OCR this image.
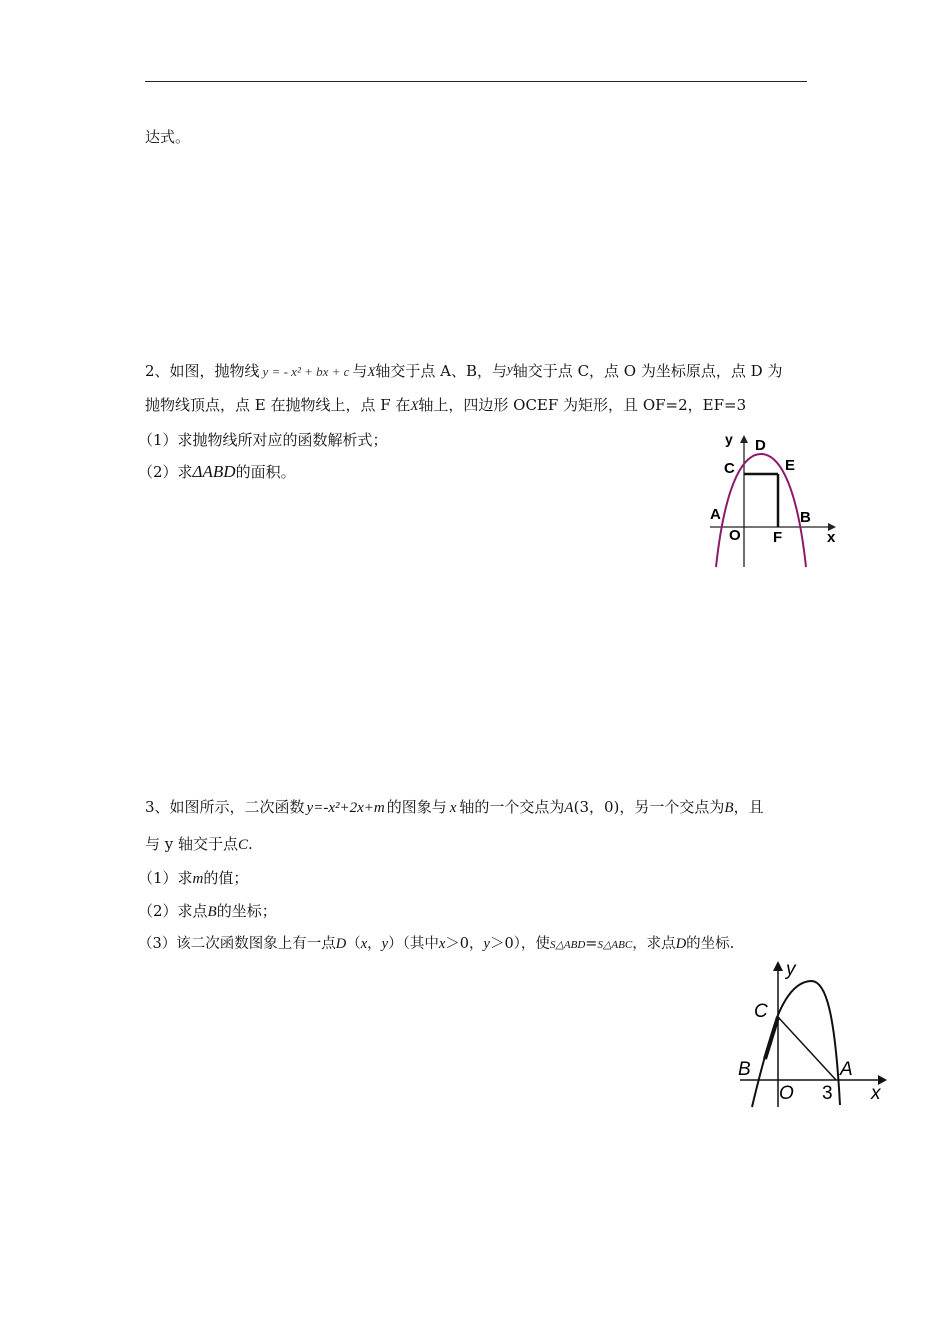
达式。
2、如图，抛物线 y = - x² + bx + c 与X轴交于点 A、B，与y轴交于点 C，点 O 为坐标原点，点 D 为
抛物线顶点，点 E 在抛物线上，点 F 在X轴上，四边形 OCEF 为矩形，且 OF=2，EF=3
（1）求抛物线所对应的函数解析式；
（2）求ΔABD的面积。
y D
C	E
A	B
O F	x
3、如图所示，二次函数 y=-x²+2x+m 的图象与 x 轴的一个交点为A(3，0)，另一个交点为B，且
与 y 轴交于点C.
（1）求m的值；
（2）求点B的坐标；
（3）该二次函数图象上有一点D（x，y）（其中x＞0，y＞0），使S△ABD=S△ABC，求点D的坐标.
y
C
B	A
O 3 x
